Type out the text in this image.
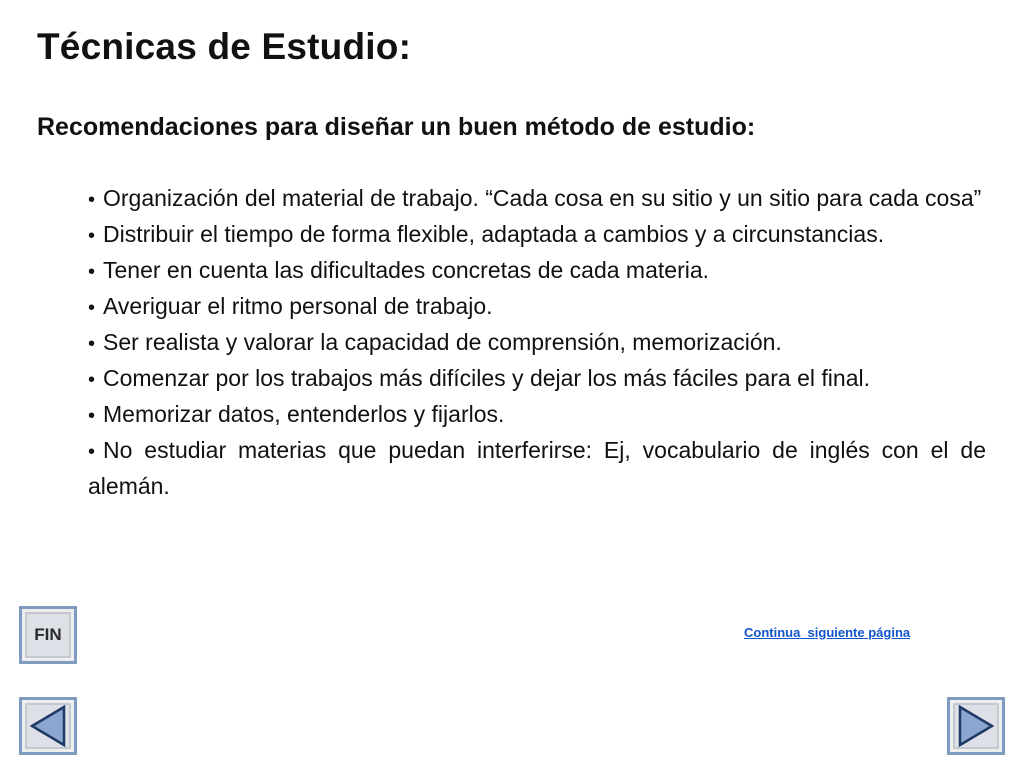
Técnicas de Estudio:
Recomendaciones para diseñar un buen método de estudio:
• Organización del material de trabajo. “Cada cosa en su sitio y un sitio para cada cosa”
• Distribuir el tiempo de forma flexible, adaptada a cambios y a circunstancias.
• Tener en cuenta las dificultades concretas de cada materia.
• Averiguar el ritmo personal de trabajo.
• Ser realista y valorar la capacidad de comprensión, memorización.
• Comenzar por los trabajos más difíciles y dejar los más fáciles para el final.
• Memorizar datos, entenderlos y fijarlos.
• No estudiar materias que puedan interferirse: Ej, vocabulario de inglés con el de alemán.
FIN	Continua  siguiente página
